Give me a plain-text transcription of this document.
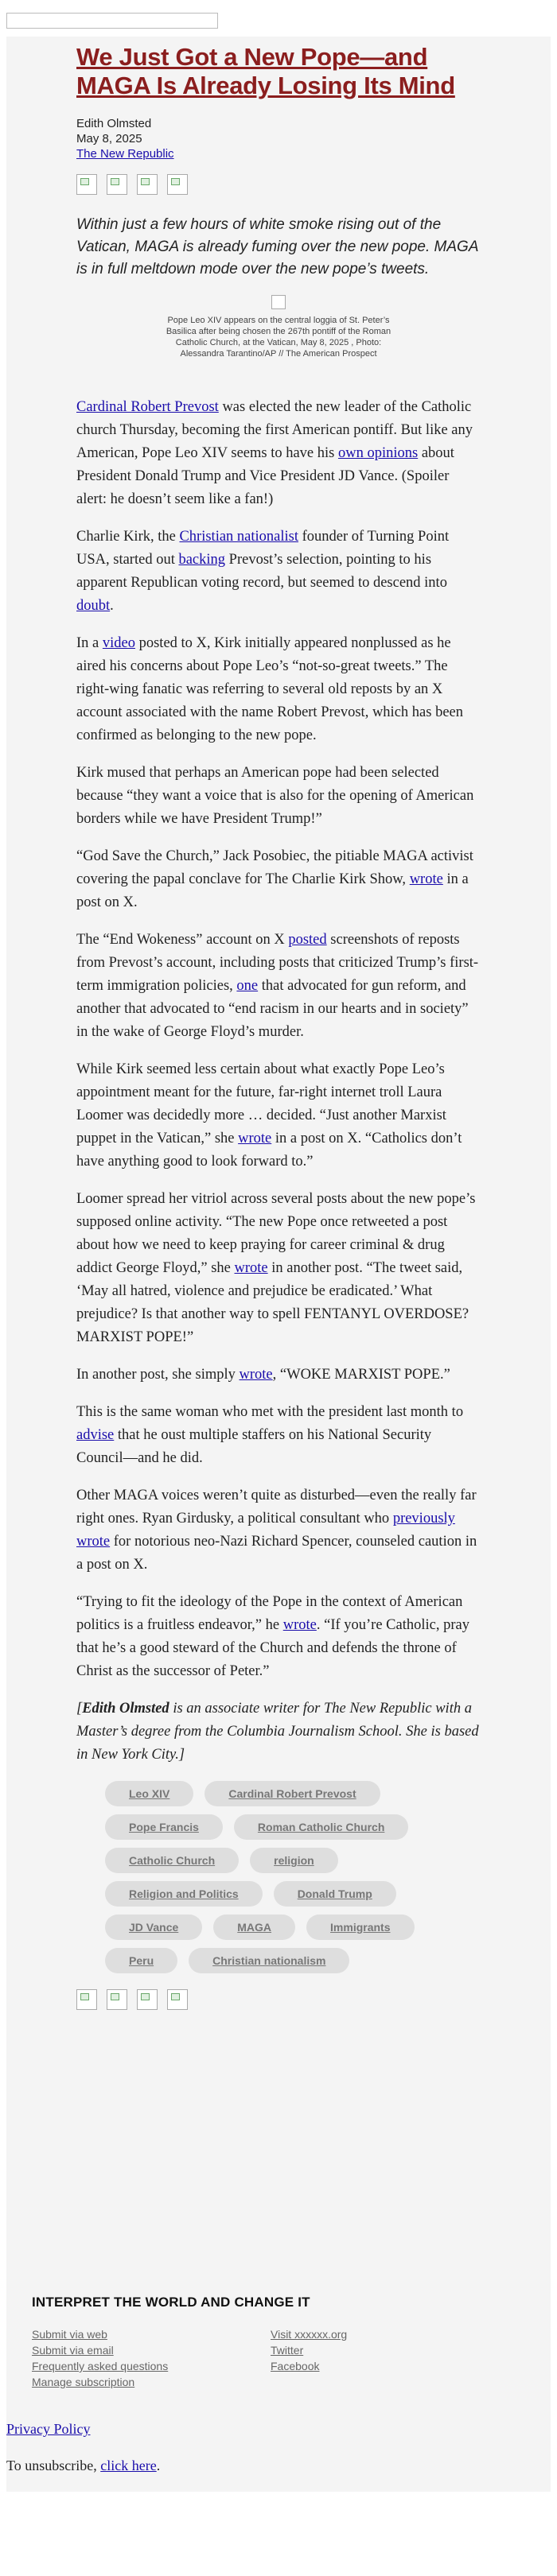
We Just Got a New Pope—and MAGA Is Already Losing Its Mind
Edith Olmsted
May 8, 2025
The New Republic
Within just a few hours of white smoke rising out of the Vatican, MAGA is already fuming over the new pope. MAGA is in full meltdown mode over the new pope’s tweets.
Pope Leo XIV appears on the central loggia of St. Peter’s Basilica after being chosen the 267th pontiff of the Roman Catholic Church, at the Vatican, May 8, 2025 , Photo: Alessandra Tarantino/AP // The American Prospect

Cardinal Robert Prevost was elected the new leader of the Catholic church Thursday, becoming the first American pontiff. But like any American, Pope Leo XIV seems to have his own opinions about President Donald Trump and Vice President JD Vance. (Spoiler alert: he doesn’t seem like a fan!)

Charlie Kirk, the Christian nationalist founder of Turning Point USA, started out backing Prevost’s selection, pointing to his apparent Republican voting record, but seemed to descend into doubt.

In a video posted to X, Kirk initially appeared nonplussed as he aired his concerns about Pope Leo’s “not-so-great tweets.” The right-wing fanatic was referring to several old reposts by an X account associated with the name Robert Prevost, which has been confirmed as belonging to the new pope.

Kirk mused that perhaps an American pope had been selected because “they want a voice that is also for the opening of American borders while we have President Trump!”

“God Save the Church,” Jack Posobiec, the pitiable MAGA activist covering the papal conclave for The Charlie Kirk Show, wrote in a post on X.

The “End Wokeness” account on X posted screenshots of reposts from Prevost’s account, including posts that criticized Trump’s first-term immigration policies, one that advocated for gun reform, and another that advocated to “end racism in our hearts and in society” in the wake of George Floyd’s murder.

While Kirk seemed less certain about what exactly Pope Leo’s appointment meant for the future, far-right internet troll Laura Loomer was decidedly more … decided. “Just another Marxist puppet in the Vatican,” she wrote in a post on X. “Catholics don’t have anything good to look forward to.”

Loomer spread her vitriol across several posts about the new pope’s supposed online activity. “The new Pope once retweeted a post about how we need to keep praying for career criminal & drug addict George Floyd,” she wrote in another post. “The tweet said, ‘May all hatred, violence and prejudice be eradicated.’ What prejudice? Is that another way to spell FENTANYL OVERDOSE? MARXIST POPE!”

In another post, she simply wrote, “WOKE MARXIST POPE.”

This is the same woman who met with the president last month to advise that he oust multiple staffers on his National Security Council—and he did.

Other MAGA voices weren’t quite as disturbed—even the really far right ones. Ryan Girdusky, a political consultant who previously wrote for notorious neo-Nazi Richard Spencer, counseled caution in a post on X.

“Trying to fit the ideology of the Pope in the context of American politics is a fruitless endeavor,” he wrote. “If you’re Catholic, pray that he’s a good steward of the Church and defends the throne of Christ as the successor of Peter.”

[Edith Olmsted is an associate writer for The New Republic with a Master’s degree from the Columbia Journalism School. She is based in New York City.]

Leo XIV	Cardinal Robert Prevost
Pope Francis	Roman Catholic Church
Catholic Church	religion
Religion and Politics	Donald Trump
JD Vance	MAGA	Immigrants
Peru	Christian nationalism
INTERPRET THE WORLD AND CHANGE IT
Submit via web
Submit via email
Frequently asked questions
Manage subscription
Visit xxxxxx.org
Twitter
Facebook
Privacy Policy
To unsubscribe, click here.
